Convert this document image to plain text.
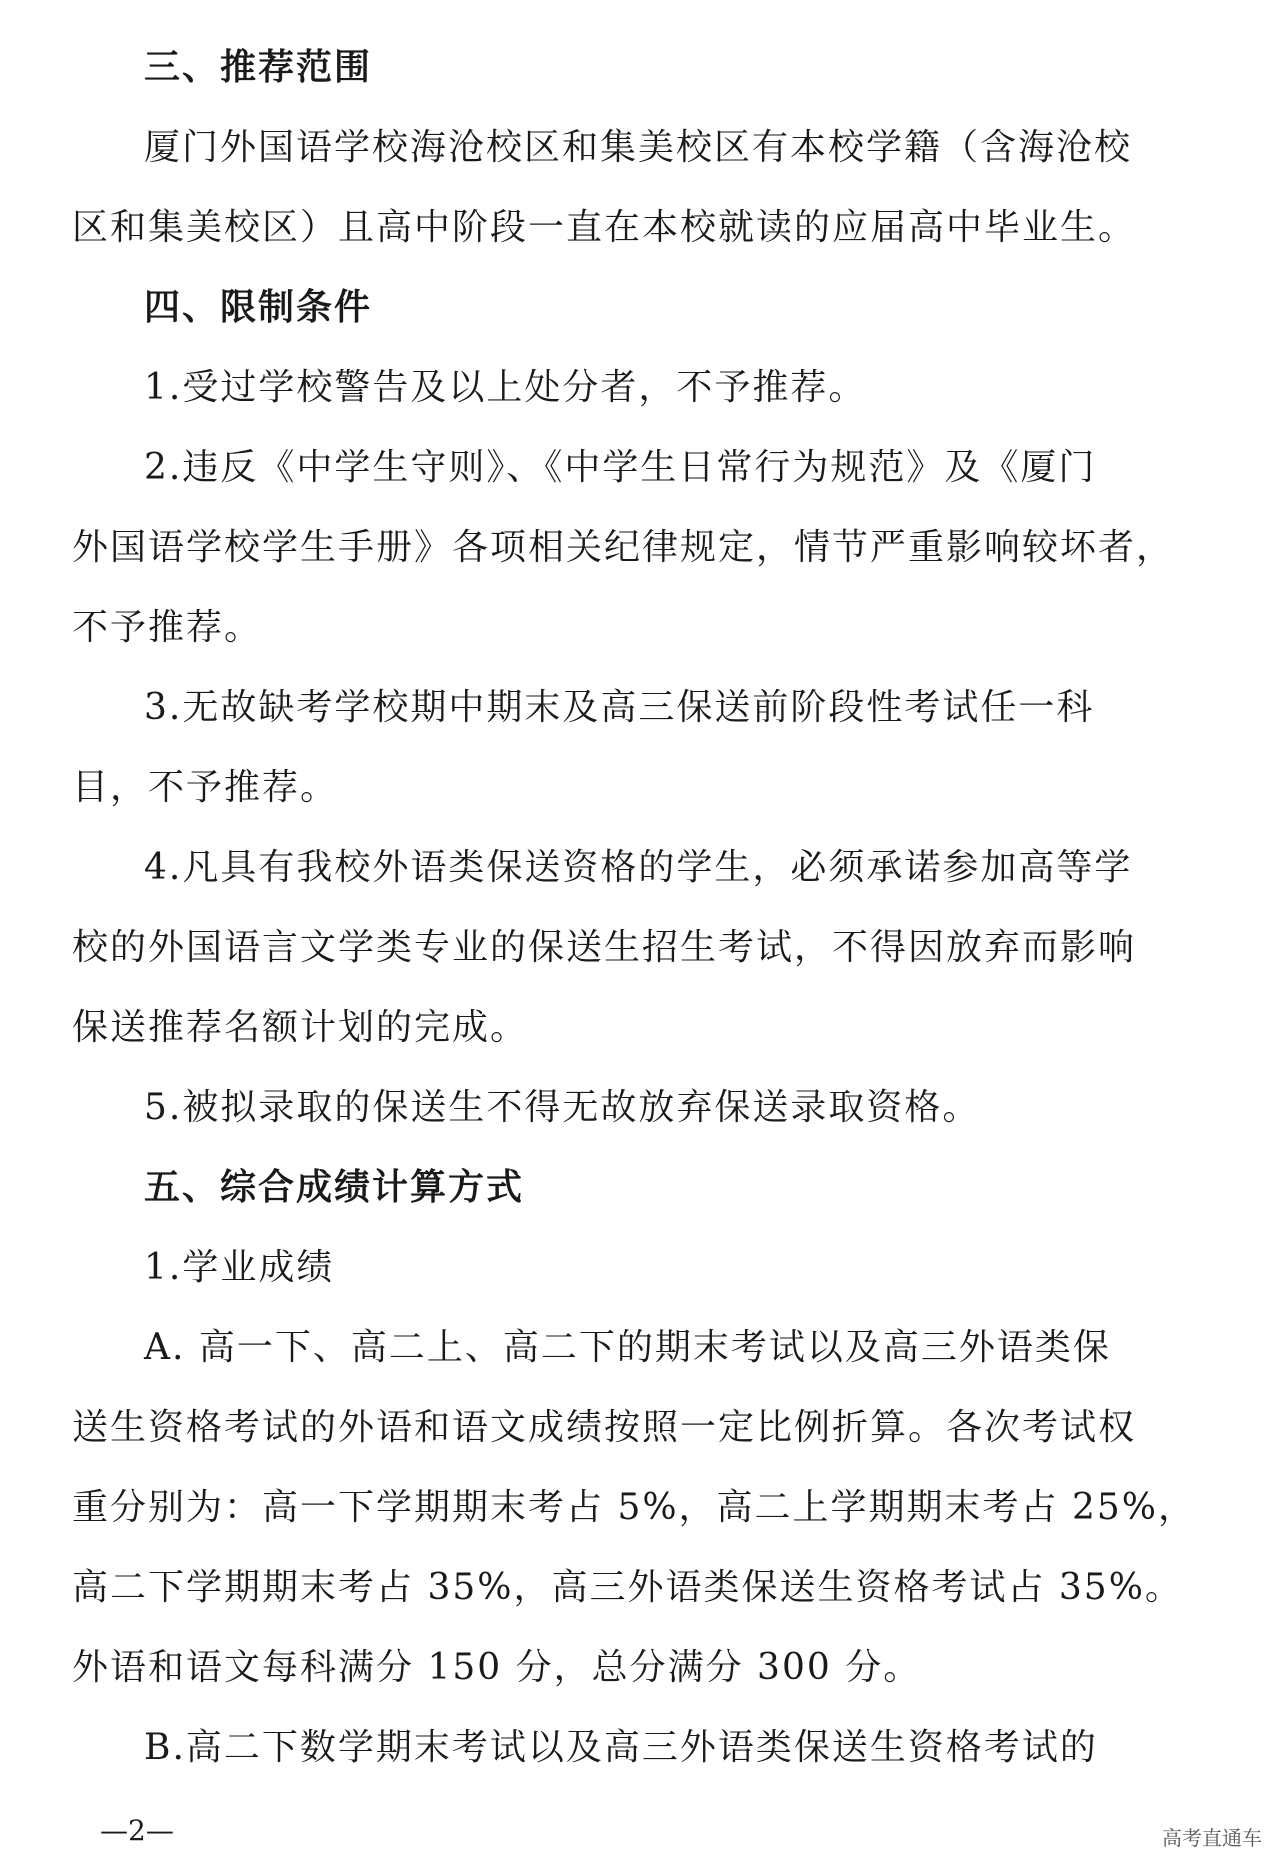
三、推荐范围
厦门外国语学校海沧校区和集美校区有本校学籍（含海沧校
区和集美校区）且高中阶段一直在本校就读的应届高中毕业生。
四、限制条件
1.受过学校警告及以上处分者，不予推荐。
2.违反《中学生守则》、《中学生日常行为规范》及《厦门
外国语学校学生手册》各项相关纪律规定，情节严重影响较坏者，
不予推荐。
3.无故缺考学校期中期末及高三保送前阶段性考试任一科
目，不予推荐。
4.凡具有我校外语类保送资格的学生，必须承诺参加高等学
校的外国语言文学类专业的保送生招生考试，不得因放弃而影响
保送推荐名额计划的完成。
5.被拟录取的保送生不得无故放弃保送录取资格。
五、综合成绩计算方式
1.学业成绩
A. 高一下、高二上、高二下的期末考试以及高三外语类保
送生资格考试的外语和语文成绩按照一定比例折算。各次考试权
重分别为：高一下学期期末考占 5%，高二上学期期末考占 25%，
高二下学期期末考占 35%，高三外语类保送生资格考试占 35%。
外语和语文每科满分 150 分，总分满分 300 分。
B.高二下数学期末考试以及高三外语类保送生资格考试的
—2—	高考直通车
